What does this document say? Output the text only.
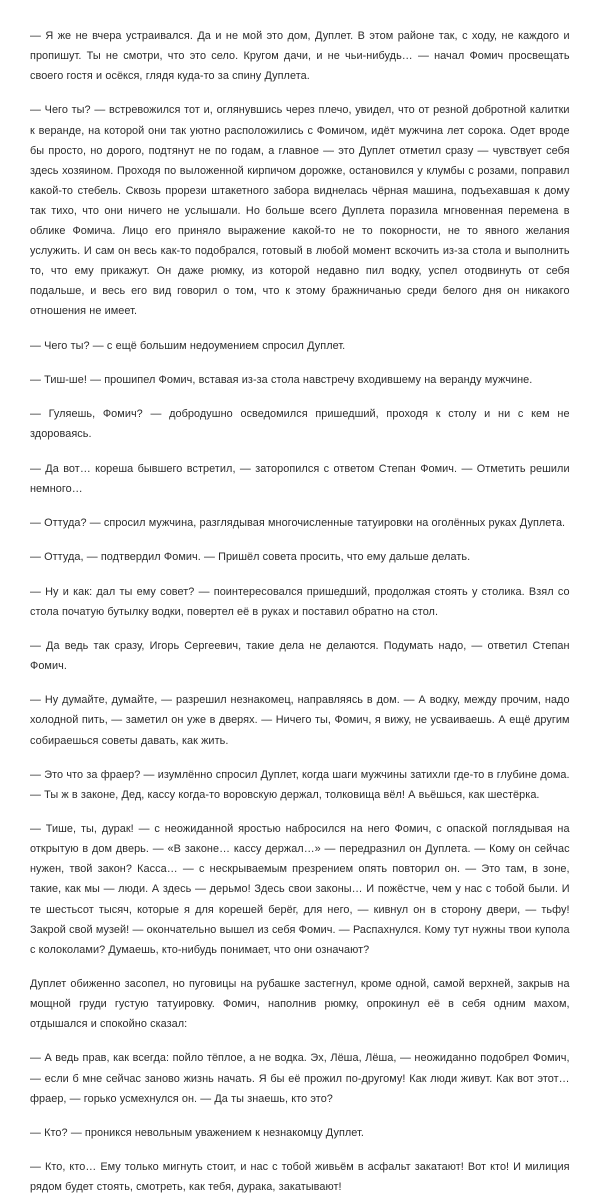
— Я же не вчера устраивался. Да и не мой это дом, Дуплет. В этом районе так, с ходу, не каждого и пропишут. Ты не смотри, что это село. Кругом дачи, и не чьи-нибудь… — начал Фомич просвещать своего гостя и осёкся, глядя куда-то за спину Дуплета.

— Чего ты? — встревожился тот и, оглянувшись через плечо, увидел, что от резной добротной калитки к веранде, на которой они так уютно расположились с Фомичом, идёт мужчина лет сорока. Одет вроде бы просто, но дорого, подтянут не по годам, а главное — это Дуплет отметил сразу — чувствует себя здесь хозяином. Проходя по выложенной кирпичом дорожке, остановился у клумбы с розами, поправил какой-то стебель. Сквозь прорези штакетного забора виднелась чёрная машина, подъехавшая к дому так тихо, что они ничего не услышали. Но больше всего Дуплета поразила мгновенная перемена в облике Фомича. Лицо его приняло выражение какой-то не то покорности, не то явного желания услужить. И сам он весь как-то подобрался, готовый в любой момент вскочить из-за стола и выполнить то, что ему прикажут. Он даже рюмку, из которой недавно пил водку, успел отодвинуть от себя подальше, и весь его вид говорил о том, что к этому бражничанью среди белого дня он никакого отношения не имеет.

— Чего ты? — с ещё большим недоумением спросил Дуплет.

— Тиш-ше! — прошипел Фомич, вставая из-за стола навстречу входившему на веранду мужчине.

— Гуляешь, Фомич? — добродушно осведомился пришедший, проходя к столу и ни с кем не здороваясь.

— Да вот… кореша бывшего встретил, — заторопился с ответом Степан Фомич. — Отметить решили немного…

— Оттуда? — спросил мужчина, разглядывая многочисленные татуировки на оголённых руках Дуплета.

— Оттуда, — подтвердил Фомич. — Пришёл совета просить, что ему дальше делать.

— Ну и как: дал ты ему совет? — поинтересовался пришедший, продолжая стоять у столика. Взял со стола початую бутылку водки, повертел её в руках и поставил обратно на стол.

— Да ведь так сразу, Игорь Сергеевич, такие дела не делаются. Подумать надо, — ответил Степан Фомич.

— Ну думайте, думайте, — разрешил незнакомец, направляясь в дом. — А водку, между прочим, надо холодной пить, — заметил он уже в дверях. — Ничего ты, Фомич, я вижу, не усваиваешь. А ещё другим собираешься советы давать, как жить.

— Это что за фраер? — изумлённо спросил Дуплет, когда шаги мужчины затихли где-то в глубине дома. — Ты ж в законе, Дед, кассу когда-то воровскую держал, толковища вёл! А вьёшься, как шестёрка.

— Тише, ты, дурак! — с неожиданной яростью набросился на него Фомич, с опаской поглядывая на открытую в дом дверь. — «В законе… кассу держал…» — передразнил он Дуплета. — Кому он сейчас нужен, твой закон? Касса… — с нескрываемым презрением опять повторил он. — Это там, в зоне, такие, как мы — люди. А здесь — дерьмо! Здесь свои законы… И пожёстче, чем у нас с тобой были. И те шестьсот тысяч, которые я для корешей берёг, для него, — кивнул он в сторону двери, — тьфу! Закрой свой музей! — окончательно вышел из себя Фомич. — Распахнулся. Кому тут нужны твои купола с колоколами? Думаешь, кто-нибудь понимает, что они означают?

Дуплет обиженно засопел, но пуговицы на рубашке застегнул, кроме одной, самой верхней, закрыв на мощной груди густую татуировку. Фомич, наполнив рюмку, опрокинул её в себя одним махом, отдышался и спокойно сказал:

— А ведь прав, как всегда: пойло тёплое, а не водка. Эх, Лёша, Лёша, — неожиданно подобрел Фомич, — если б мне сейчас заново жизнь начать. Я бы её прожил по-другому! Как люди живут. Как вот этот… фраер, — горько усмехнулся он. — Да ты знаешь, кто это?

— Кто? — проникся невольным уважением к незнакомцу Дуплет.

— Кто, кто… Ему только мигнуть стоит, и нас с тобой живьём в асфальт закатают! Вот кто! И милиция рядом будет стоять, смотреть, как тебя, дурака, закатывают!
